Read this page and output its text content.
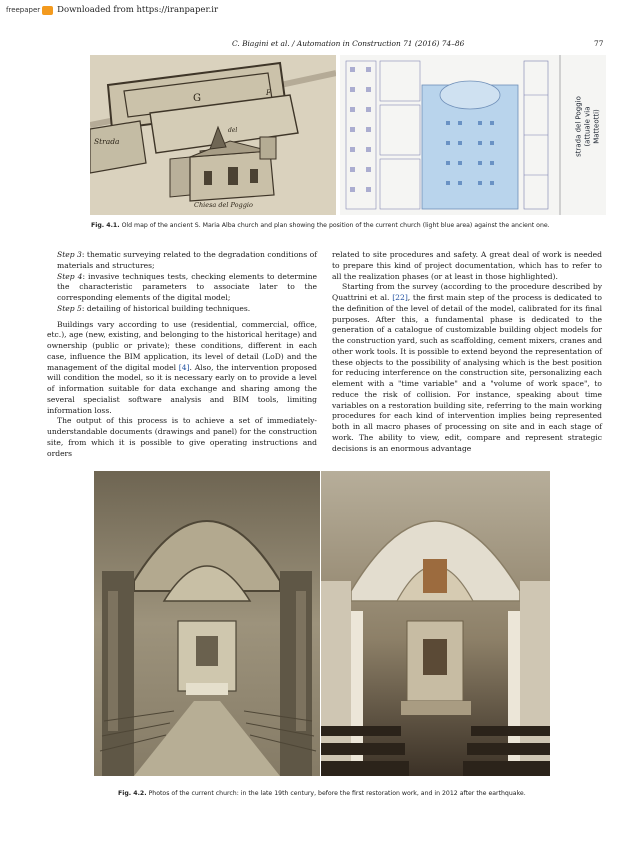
freepaper Downloaded from https://iranpaper.ir
C. Biagini et al. / Automation in Construction 71 (2016) 74–86	77
G	F
Strada
Chiesa del Poggio
del	strada del Poggio
(attuale via Matteotti)
Fig. 4.1. Old map of the ancient S. Maria Alba church and plan showing the position of the current church (light blue area) against the ancient one.

Step 3: thematic surveying related to the degradation conditions of materials and structures;

Step 4: invasive techniques tests, checking elements to determine the characteristic parameters to associate later to the corresponding elements of the digital model;

Step 5: detailing of historical building techniques.

Buildings vary according to use (residential, commercial, office, etc.), age (new, existing, and belonging to the historical heritage) and ownership (public or private); these conditions, different in each case, influence the BIM application, its level of detail (LoD) and the management of the digital model [4]. Also, the intervention proposed will condition the model, so it is necessary early on to provide a level of information suitable for data exchange and sharing among the several specialist software analysis and BIM tools, limiting information loss.

The output of this process is to achieve a set of immediately-understandable documents (drawings and panel) for the construction site, from which it is possible to give operating instructions and orders

related to site procedures and safety. A great deal of work is needed to prepare this kind of project documentation, which has to refer to all the realization phases (or at least in those highlighted).

Starting from the survey (according to the procedure described by Quattrini et al. [22], the first main step of the process is dedicated to the definition of the level of detail of the model, calibrated for its final purposes. After this, a fundamental phase is dedicated to the generation of a catalogue of customizable building object models for the construction yard, such as scaffolding, cement mixers, cranes and other work tools. It is possible to extend beyond the representation of these objects to the possibility of analysing which is the best position for reducing interference on the construction site, personalizing each element with a "time variable" and a "volume of work space", to reduce the risk of collision. For instance, speaking about time variables on a restoration building site, referring to the main working procedures for each kind of intervention implies being represented both in all macro phases of processing on site and in each stage of work. The ability to view, edit, compare and represent strategic decisions is an enormous advantage

Fig. 4.2. Photos of the current church: in the late 19th century, before the first restoration work, and in 2012 after the earthquake.
